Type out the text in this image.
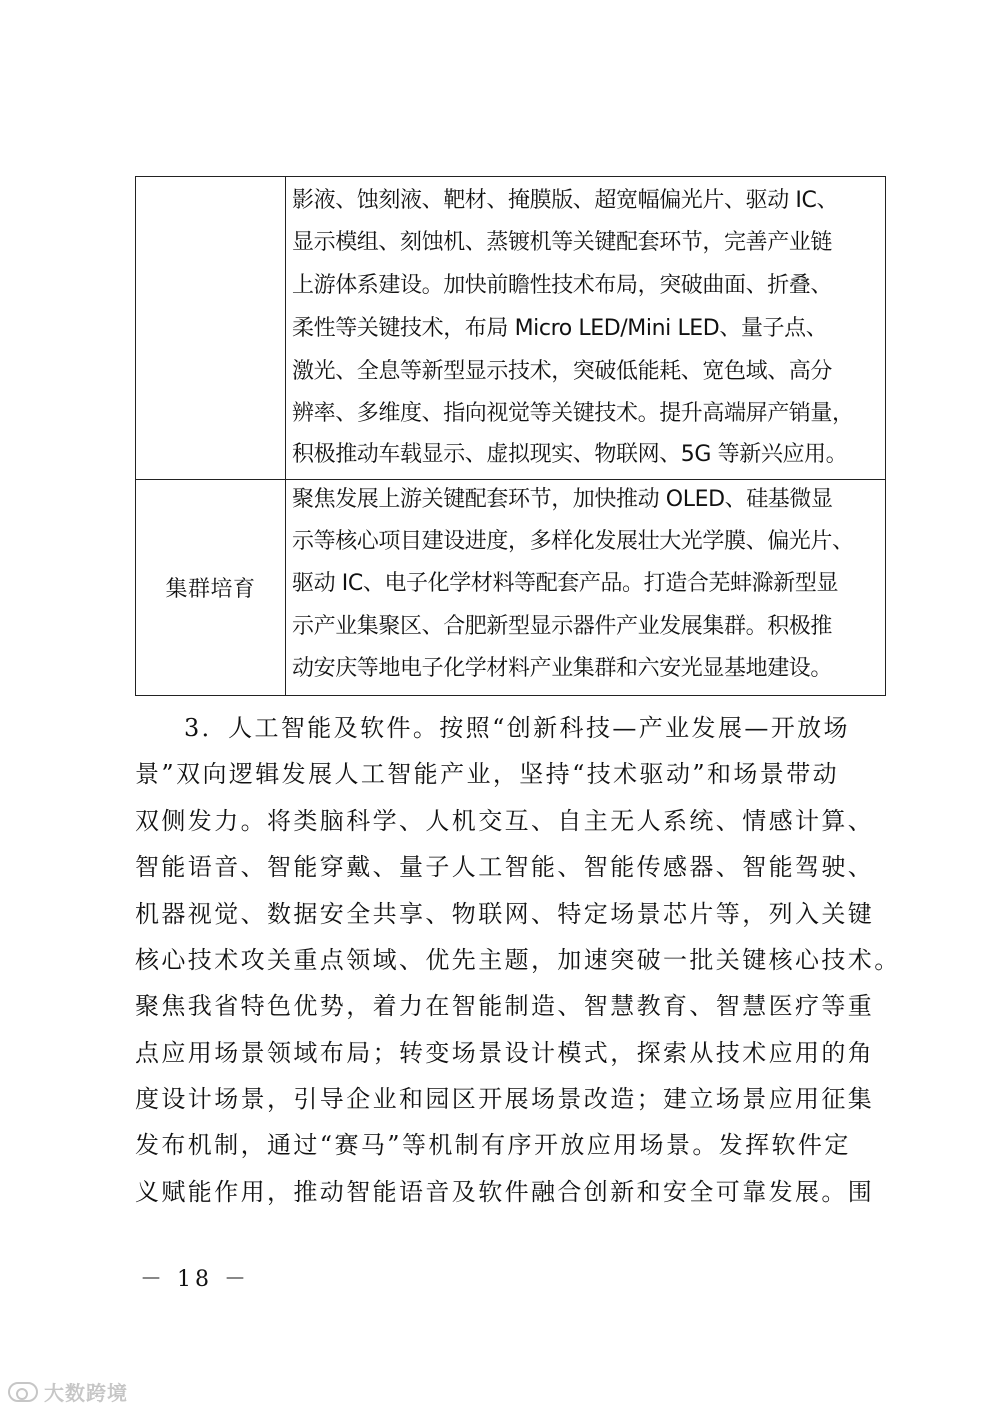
影液、蚀刻液、靶材、掩膜版、超宽幅偏光片、驱动 IC、
显示模组、刻蚀机、蒸镀机等关键配套环节，完善产业链
上游体系建设。加快前瞻性技术布局，突破曲面、折叠、
柔性等关键技术，布局 Micro LED/Mini LED、量子点、
激光、全息等新型显示技术，突破低能耗、宽色域、高分
辨率、多维度、指向视觉等关键技术。提升高端屏产销量，
积极推动车载显示、虚拟现实、物联网、5G 等新兴应用。
集群培育
聚焦发展上游关键配套环节，加快推动 OLED、硅基微显
示等核心项目建设进度，多样化发展壮大光学膜、偏光片、
驱动 IC、电子化学材料等配套产品。打造合芜蚌滁新型显
示产业集聚区、合肥新型显示器件产业发展集群。积极推
动安庆等地电子化学材料产业集群和六安光显基地建设。
3．人工智能及软件。按照“创新科技—产业发展—开放场
景”双向逻辑发展人工智能产业，坚持“技术驱动”和场景带动
双侧发力。将类脑科学、人机交互、自主无人系统、情感计算、
智能语音、智能穿戴、量子人工智能、智能传感器、智能驾驶、
机器视觉、数据安全共享、物联网、特定场景芯片等，列入关键
核心技术攻关重点领域、优先主题，加速突破一批关键核心技术。
聚焦我省特色优势，着力在智能制造、智慧教育、智慧医疗等重
点应用场景领域布局；转变场景设计模式，探索从技术应用的角
度设计场景，引导企业和园区开展场景改造；建立场景应用征集
发布机制，通过“赛马”等机制有序开放应用场景。发挥软件定
义赋能作用，推动智能语音及软件融合创新和安全可靠发展。围
－ 18 －
大数跨境
